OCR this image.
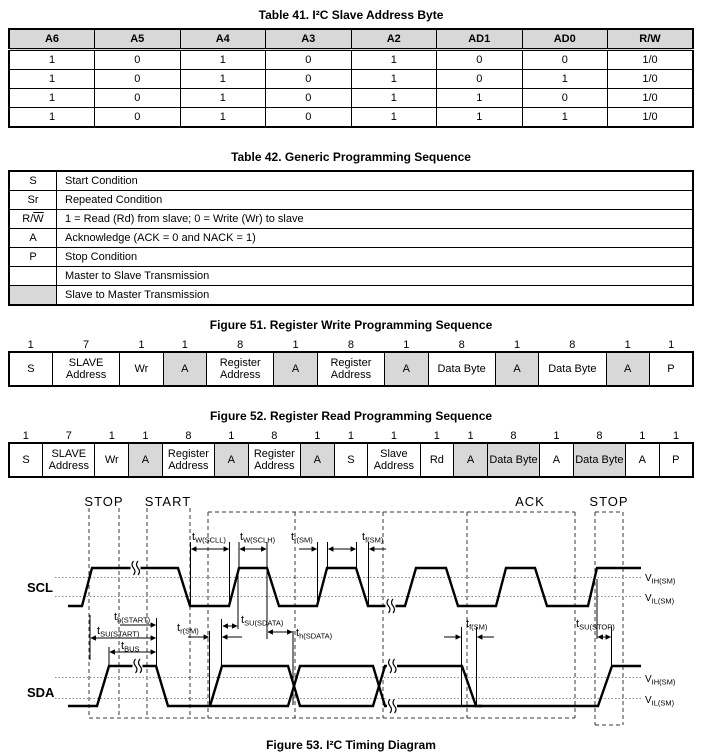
Table 41. I²C Slave Address Byte
A6	A5	A4	A3	A2	AD1	AD0	R/W
1	0	1	0	1	0	0	1/0
1	0	1	0	1	0	1	1/0
1	0	1	0	1	1	0	1/0
1	0	1	0	1	1	1	1/0
Table 42. Generic Programming Sequence
S	Start Condition
Sr	Repeated Condition
$R/\overline{W}$	1 = Read (Rd) from slave; 0 = Write (Wr) to slave
A	Acknowledge (ACK = 0 and NACK = 1)
P	Stop Condition
	Master to Slave Transmission
	Slave to Master Transmission
Figure 51. Register Write Programming Sequence
1	7	1	1	8	1	8	1	8	1	8	1	1
S	SLAVE Address	Wr	A	Register Address	A	Register Address	A	Data Byte	A	Data Byte	A	P
Figure 52. Register Read Programming Sequence
1	7	1	1	8	1	8	1	1	1	1	1	8	1	8	1	1
S	SLAVE Address	Wr	A	Register Address	A	Register Address	A	S	Slave Address	Rd	A	Data Byte	A	Data Byte	A	P
STOP START	ACK	STOP
SCL
SDA
$t_{W(SCLL)}$ $t_{W(SCLH)}$ $t_{r(SM)}$	$t_{f(SM)}$
$t_{h(START)}$
$t_{SU(START)}$
$t_{BUS}$
$t_{r(SM)}$
$t_{SU(SDATA)}$
$t_{h(SDATA)}$
$t_{f(SM)}$	$t_{SU(STOP)}$
$V_{IH(SM)}$
$V_{IL(SM)}$
$V_{IH(SM)}$
$V_{IL(SM)}$
Figure 53. I²C Timing Diagram
